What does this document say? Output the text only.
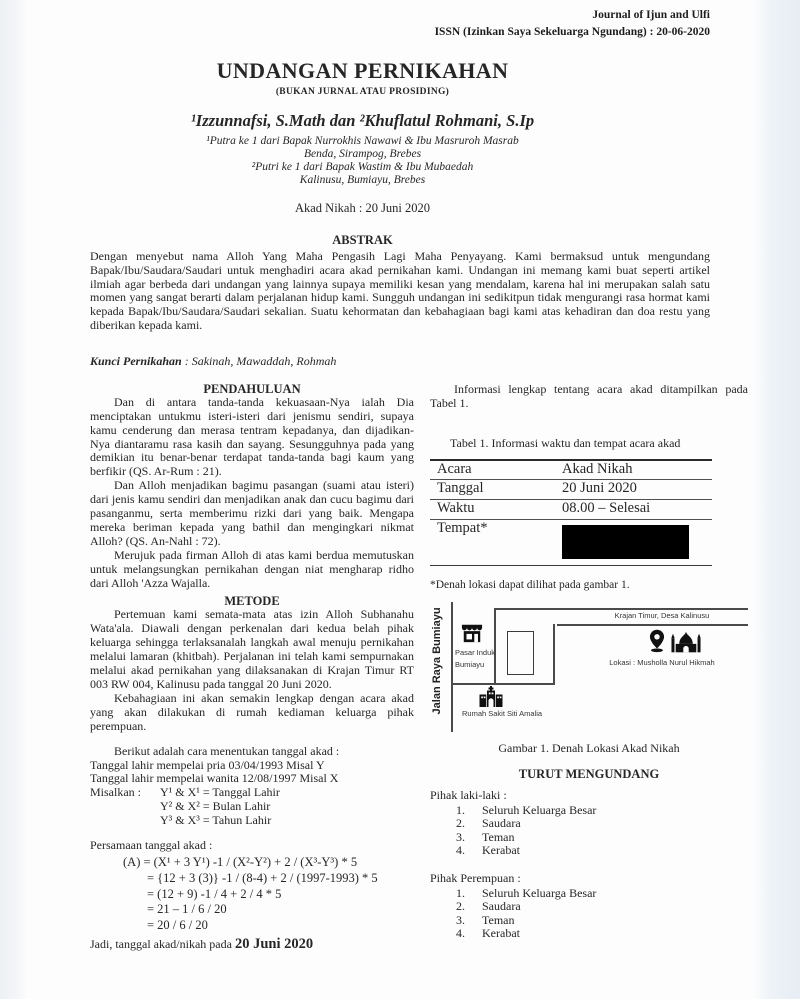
Journal of Ijun and Ulfi
ISSN (Izinkan Saya Sekeluarga Ngundang) : 20-06-2020
UNDANGAN PERNIKAHAN
(BUKAN JURNAL ATAU PROSIDING)
¹Izzunnafsi, S.Math dan ²Khuflatul Rohmani, S.Ip
¹Putra ke 1 dari Bapak Nurrokhis Nawawi & Ibu Masruroh Masrab
Benda, Sirampog, Brebes
²Putri ke 1 dari Bapak Wastim & Ibu Mubaedah
Kalinusu, Bumiayu, Brebes
Akad Nikah : 20 Juni 2020
ABSTRAK

Dengan menyebut nama Alloh Yang Maha Pengasih Lagi Maha Penyayang. Kami bermaksud untuk mengundang Bapak/Ibu/Saudara/Saudari untuk menghadiri acara akad pernikahan kami. Undangan ini memang kami buat seperti artikel ilmiah agar berbeda dari undangan yang lainnya supaya memiliki kesan yang mendalam, karena hal ini merupakan salah satu momen yang sangat berarti dalam perjalanan hidup kami. Sungguh undangan ini sedikitpun tidak mengurangi rasa hormat kami kepada Bapak/Ibu/Saudara/Saudari sekalian. Suatu kehormatan dan kebahagiaan bagi kami atas kehadiran dan doa restu yang diberikan kepada kami.

Kunci Pernikahan : Sakinah, Mawaddah, Rohmah

PENDAHULUAN

Dan di antara tanda-tanda kekuasaan-Nya ialah Dia menciptakan untukmu isteri-isteri dari jenismu sendiri, supaya kamu cenderung dan merasa tentram kepadanya, dan dijadikan-Nya diantaramu rasa kasih dan sayang. Sesungguhnya pada yang demikian itu benar-benar terdapat tanda-tanda bagi kaum yang berfikir (QS. Ar-Rum : 21).

Dan Alloh menjadikan bagimu pasangan (suami atau isteri) dari jenis kamu sendiri dan menjadikan anak dan cucu bagimu dari pasanganmu, serta memberimu rizki dari yang baik. Mengapa mereka beriman kepada yang bathil dan mengingkari nikmat Alloh? (QS. An-Nahl : 72).

Merujuk pada firman Alloh di atas kami berdua memutuskan untuk melangsungkan pernikahan dengan niat mengharap ridho dari Alloh 'Azza Wajalla.

METODE

Pertemuan kami semata-mata atas izin Alloh Subhanahu Wata'ala. Diawali dengan perkenalan dari kedua belah pihak keluarga sehingga terlaksanalah langkah awal menuju pernikahan melalui lamaran (khitbah). Perjalanan ini telah kami sempurnakan melalui akad pernikahan yang dilaksanakan di Krajan Timur RT 003 RW 004, Kalinusu pada tanggal 20 Juni 2020.

Kebahagiaan ini akan semakin lengkap dengan acara akad yang akan dilakukan di rumah kediaman keluarga pihak perempuan.

Berikut adalah cara menentukan tanggal akad :
Tanggal lahir mempelai pria 03/04/1993 Misal Y
Tanggal lahir mempelai wanita 12/08/1997 Misal X
Misalkan :	Y¹ & X¹ = Tanggal Lahir
Y² & X² = Bulan Lahir
Y³ & X³ = Tahun Lahir
Persamaan tanggal akad :
(A) = (X¹ + 3 Y¹) -1 / (X²-Y²) + 2 / (X³-Y³) * 5
= {12 + 3 (3)} -1 / (8-4) + 2 / (1997-1993) * 5
= (12 + 9) -1 / 4 + 2 / 4 * 5
= 21 – 1 / 6 / 20
= 20 / 6 / 20
Jadi, tanggal akad/nikah pada 20 Juni 2020

Informasi lengkap tentang acara akad ditampilkan pada Tabel 1.

Tabel 1. Informasi waktu dan tempat acara akad
Acara	Akad Nikah
Tanggal	20 Juni 2020
Waktu	08.00 – Selesai
Tempat*
*Denah lokasi dapat dilihat pada gambar 1.
Jalan Raya Bumiayu Pasar Induk
Bumiayu
Krajan Timur, Desa Kalinusu
Lokasi : Musholla Nurul Hikmah
Rumah Sakit Siti Amalia
Gambar 1. Denah Lokasi Akad Nikah
TURUT MENGUNDANG
Pihak laki-laki :
Seluruh Keluarga Besar
Saudara
Teman
Kerabat
Pihak Perempuan :
Seluruh Keluarga Besar
Saudara
Teman
Kerabat
